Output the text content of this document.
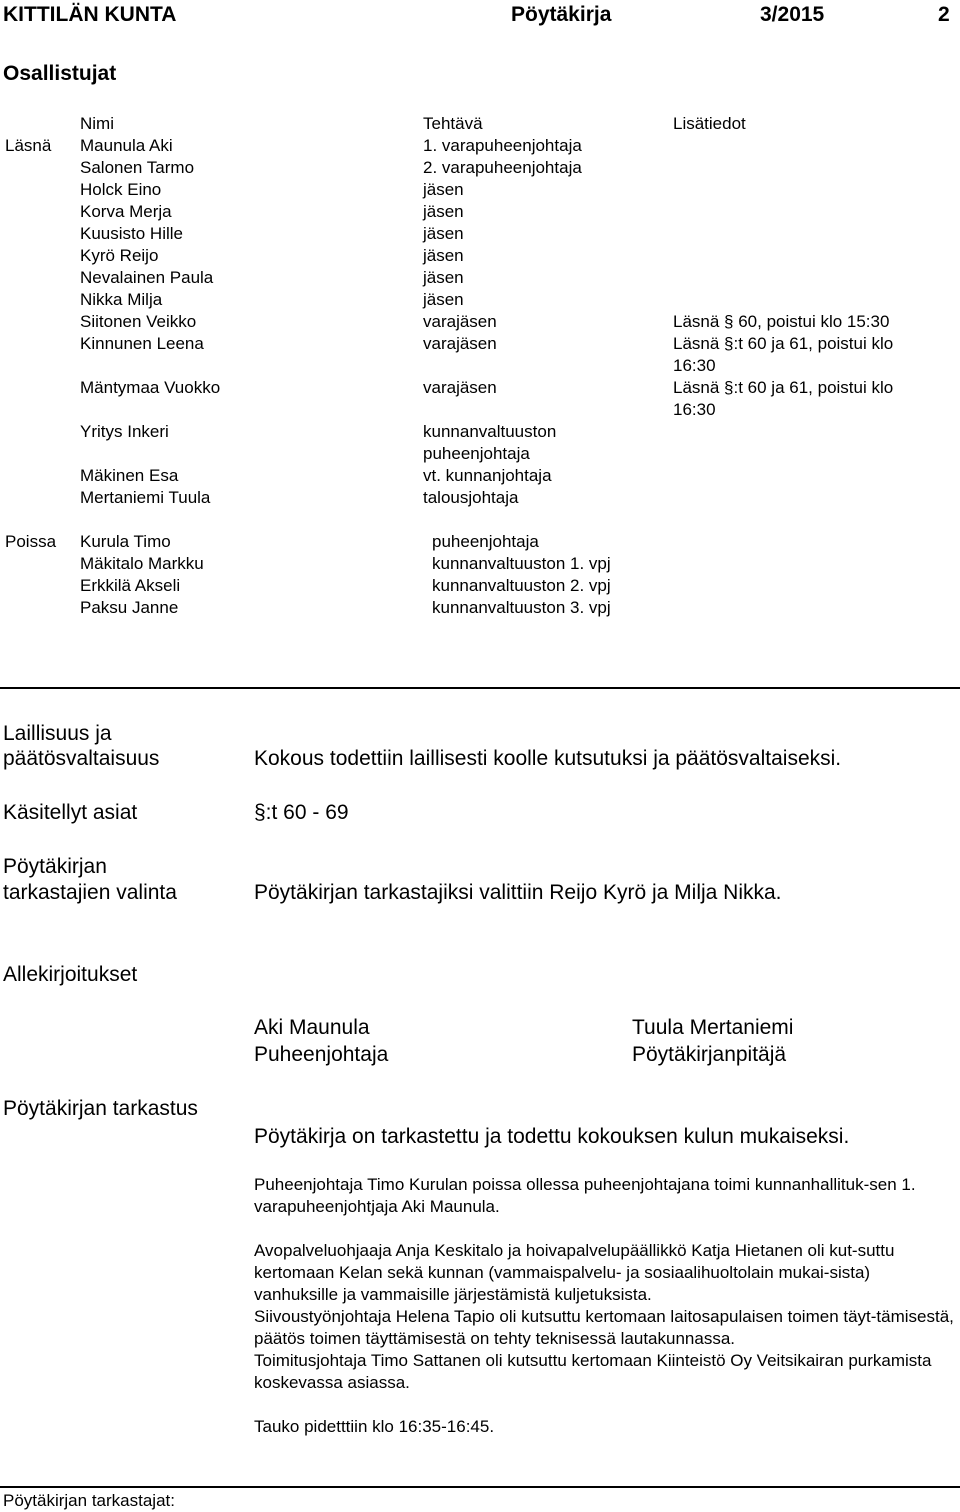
KITTILÄN KUNTA	Pöytäkirja	3/2015	2
Osallistujat
Nimi	Tehtävä	Lisätiedot
Läsnä Maunula Aki	1. varapuheenjohtaja
Salonen Tarmo	2. varapuheenjohtaja
Holck Eino	jäsen
Korva Merja	jäsen
Kuusisto Hille	jäsen
Kyrö Reijo	jäsen
Nevalainen Paula	jäsen
Nikka Milja	jäsen
Siitonen Veikko	varajäsen	Läsnä § 60, poistui klo 15:30
Kinnunen Leena	varajäsen	Läsnä §:t 60 ja 61, poistui klo
16:30
Mäntymaa Vuokko	varajäsen	Läsnä §:t 60 ja 61, poistui klo
16:30
Yritys Inkeri	kunnanvaltuuston
puheenjohtaja
Mäkinen Esa	vt. kunnanjohtaja
Mertaniemi Tuula	talousjohtaja
Poissa Kurula Timo	puheenjohtaja
Mäkitalo Markku	kunnanvaltuuston 1. vpj
Erkkilä Akseli	kunnanvaltuuston 2. vpj
Paksu Janne	kunnanvaltuuston 3. vpj
Laillisuus ja
päätösvaltaisuus	Kokous todettiin laillisesti koolle kutsutuksi ja päätösvaltaiseksi.
Käsitellyt asiat	§:t 60 - 69
Pöytäkirjan
tarkastajien valinta	Pöytäkirjan tarkastajiksi valittiin Reijo Kyrö ja Milja Nikka.
Allekirjoitukset
Aki Maunula
Puheenjohtaja
Tuula Mertaniemi
Pöytäkirjanpitäjä
Pöytäkirjan tarkastus
Pöytäkirja on tarkastettu ja todettu kokouksen kulun mukaiseksi.

Puheenjohtaja Timo Kurulan poissa ollessa puheenjohtajana toimi kunnanhallituk-sen 1. varapuheenjohtjaja Aki Maunula.

Avopalveluohjaaja Anja Keskitalo ja hoivapalvelupäällikkö Katja Hietanen oli kut-suttu kertomaan Kelan sekä kunnan (vammaispalvelu- ja sosiaalihuoltolain mukai-sista) vanhuksille ja vammaisille järjestämistä kuljetuksista.

Siivoustyönjohtaja Helena Tapio oli kutsuttu kertomaan laitosapulaisen toimen täyt-tämisestä, päätös toimen täyttämisestä on tehty teknisessä lautakunnassa.

Toimitusjohtaja Timo Sattanen oli kutsuttu kertomaan Kiinteistö Oy Veitsikairan purkamista koskevassa asiassa.

Tauko pidetttiin klo 16:35-16:45.

Pöytäkirjan tarkastajat:
